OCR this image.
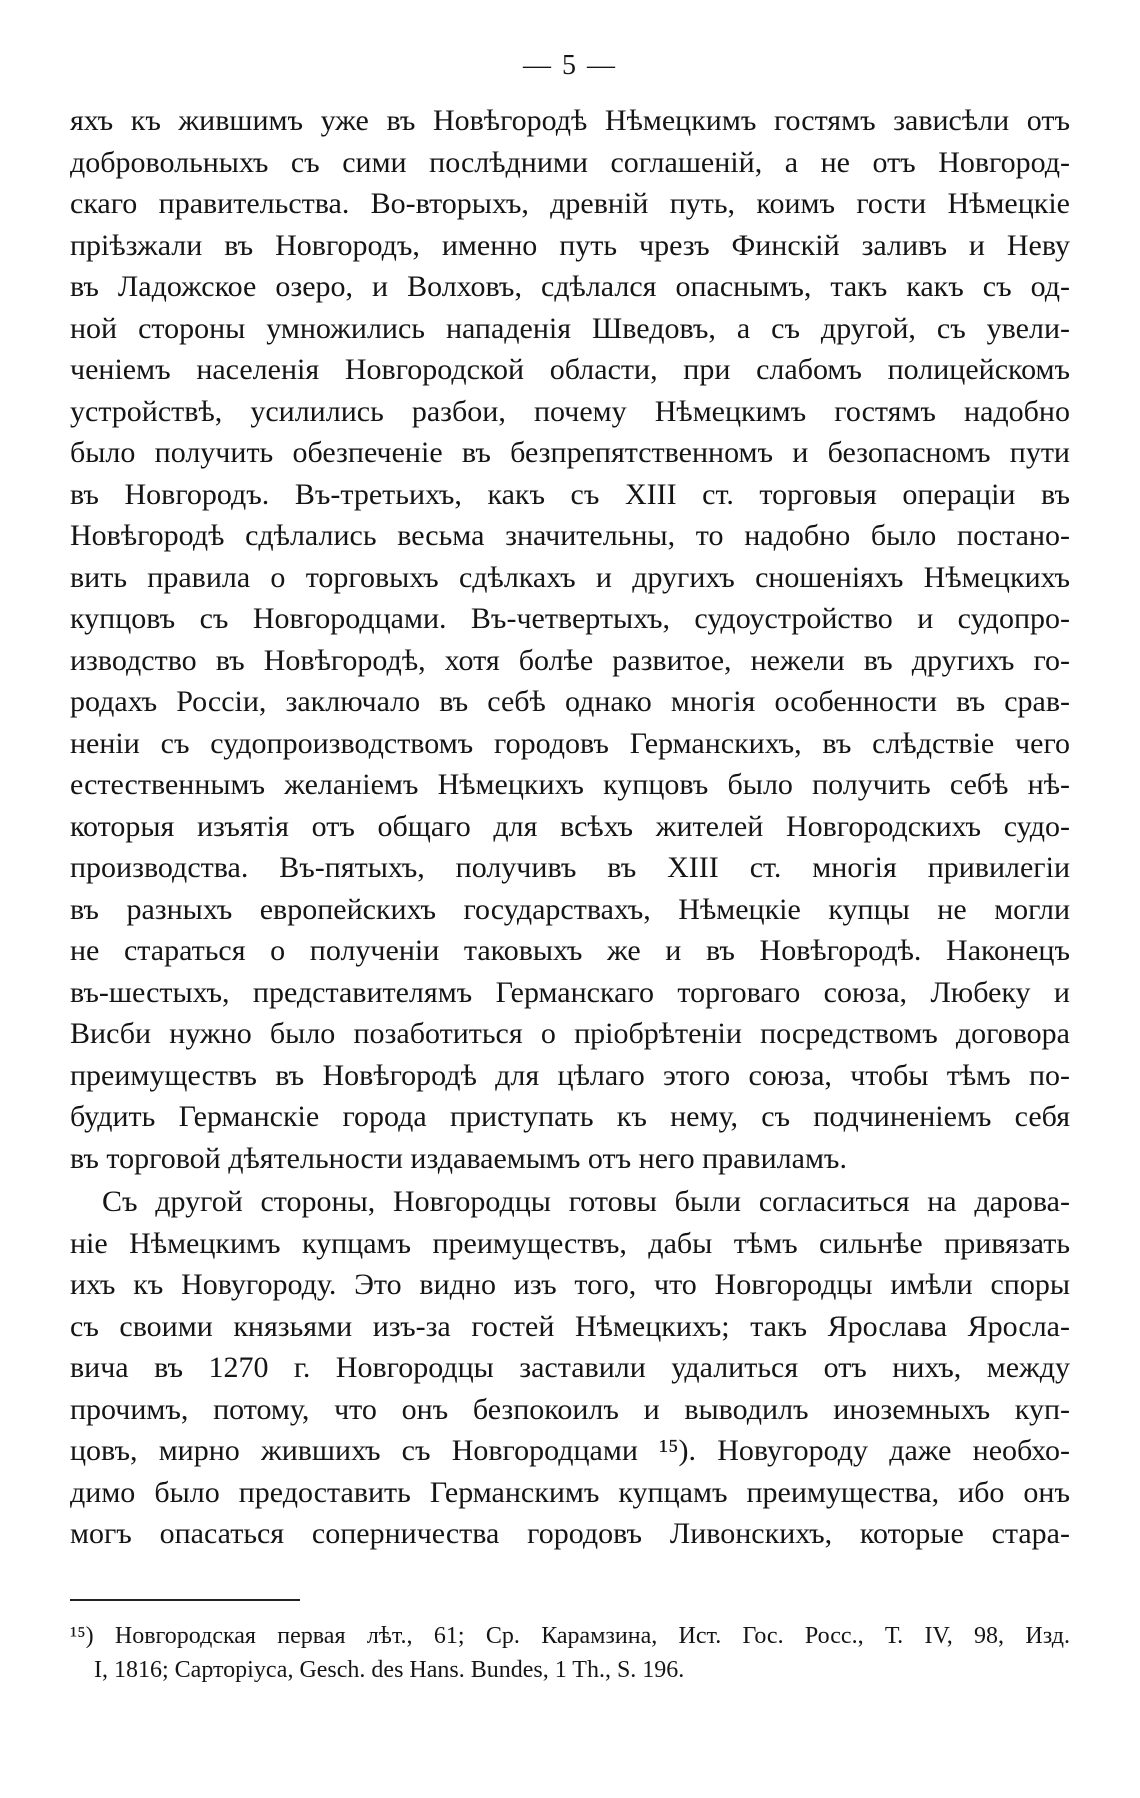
— 5 —
яхъ къ жившимъ уже въ Новѣгородѣ Нѣмецкимъ гостямъ зависѣли отъ
добровольныхъ съ сими послѣдними соглашеній, а не отъ Новгород-
скаго правительства. Во-вторыхъ, древній путь, коимъ гости Нѣмецкіе
пріѣзжали въ Новгородъ, именно путь чрезъ Финскій заливъ и Неву
въ Ладожское озеро, и Волховъ, сдѣлался опаснымъ, такъ какъ съ од-
ной стороны умножились нападенія Шведовъ, а съ другой, съ увели-
ченіемъ населенія Новгородской области, при слабомъ полицейскомъ
устройствѣ, усилились разбои, почему Нѣмецкимъ гостямъ надобно
было получить обезпеченіе въ безпрепятственномъ и безопасномъ пути
въ Новгородъ. Въ-третьихъ, какъ съ XIII ст. торговыя операціи въ
Новѣгородѣ сдѣлались весьма значительны, то надобно было постано-
вить правила о торговыхъ сдѣлкахъ и другихъ сношеніяхъ Нѣмецкихъ
купцовъ съ Новгородцами. Въ-четвертыхъ, судоустройство и судопро-
изводство въ Новѣгородѣ, хотя болѣе развитое, нежели въ другихъ го-
родахъ Россіи, заключало въ себѣ однако многія особенности въ срав-
неніи съ судопроизводствомъ городовъ Германскихъ, въ слѣдствіе чего
естественнымъ желаніемъ Нѣмецкихъ купцовъ было получить себѣ нѣ-
которыя изъятія отъ общаго для всѣхъ жителей Новгородскихъ судо-
производства. Въ-пятыхъ, получивъ въ XIII ст. многія привилегіи
въ разныхъ европейскихъ государствахъ, Нѣмецкіе купцы не могли
не стараться о полученіи таковыхъ же и въ Новѣгородѣ. Наконецъ
въ-шестыхъ, представителямъ Германскаго торговаго союза, Любеку и
Висби нужно было позаботиться о пріобрѣтеніи посредствомъ договора
преимуществъ въ Новѣгородѣ для цѣлаго этого союза, чтобы тѣмъ по-
будить Германскіе города приступать къ нему, съ подчиненіемъ себя
въ торговой дѣятельности издаваемымъ отъ него правиламъ.
Съ другой стороны, Новгородцы готовы были согласиться на дарова-
ніе Нѣмецкимъ купцамъ преимуществъ, дабы тѣмъ сильнѣе привязать
ихъ къ Новугороду. Это видно изъ того, что Новгородцы имѣли споры
съ своими князьями изъ-за гостей Нѣмецкихъ; такъ Ярослава Яросла-
вича въ 1270 г. Новгородцы заставили удалиться отъ нихъ, между
прочимъ, потому, что онъ безпокоилъ и выводилъ иноземныхъ куп-
цовъ, мирно жившихъ съ Новгородцами ¹⁵). Новугороду даже необхо-
димо было предоставить Германскимъ купцамъ преимущества, ибо онъ
могъ опасаться соперничества городовъ Ливонскихъ, которые стара-
¹⁵) Новгородская первая лѣт., 61; Ср. Карамзина, Ист. Гос. Росс., Т. IV, 98, Изд.
I, 1816; Сарторіуса, Gesch. des Hans. Bundes, 1 Th., S. 196.
